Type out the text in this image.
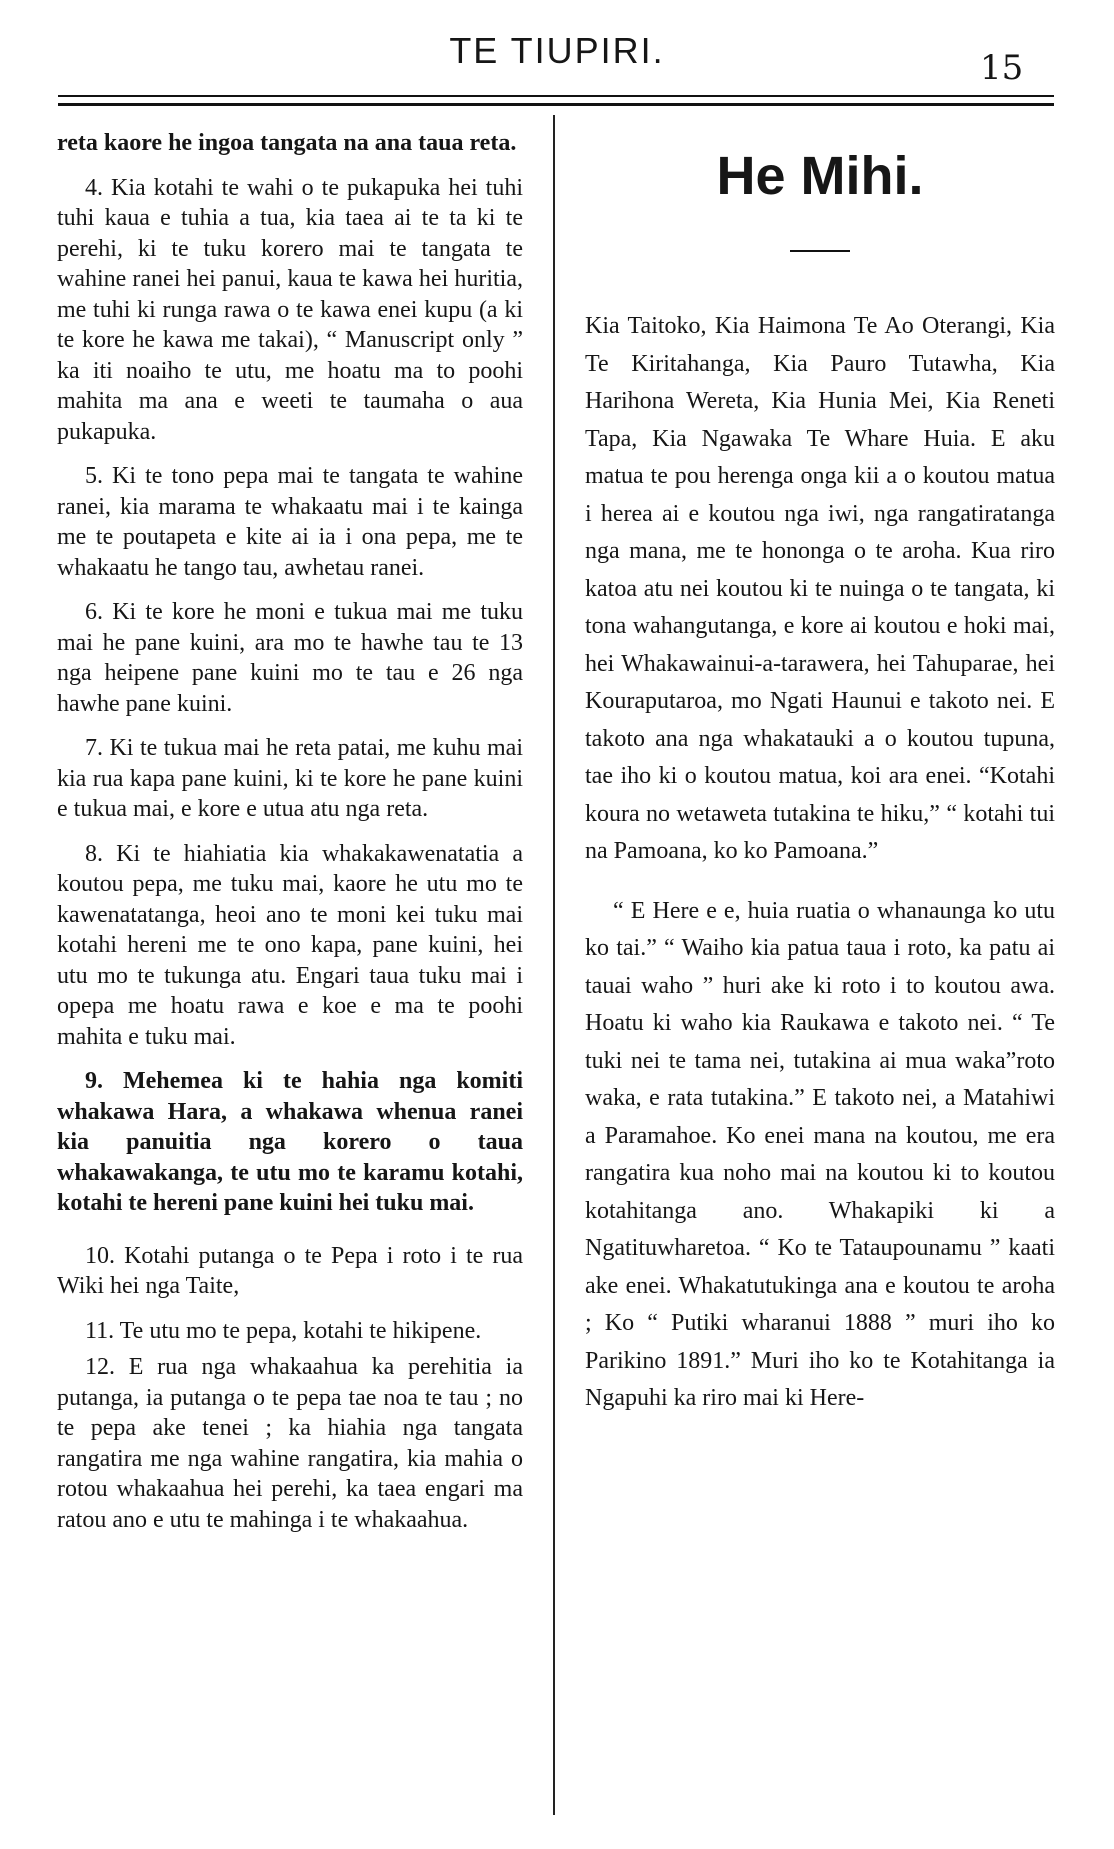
TE TIUPIRI.	15

reta kaore he ingoa tangata na ana taua reta.

4. Kia kotahi te wahi o te pukapuka hei tuhi tuhi kaua e tuhia a tua, kia taea ai te ta ki te perehi, ki te tuku korero mai te tangata te wahine ranei hei panui, kaua te kawa hei huritia, me tuhi ki runga rawa o te kawa enei kupu (a ki te kore he kawa me takai), “ Manuscript only ” ka iti noaiho te utu, me hoatu ma to poohi mahita ma ana e weeti te taumaha o aua pukapuka.

5. Ki te tono pepa mai te tangata te wahine ranei, kia marama te whakaatu mai i te kainga me te poutapeta e kite ai ia i ona pepa, me te whakaatu he tango tau, awhetau ranei.

6. Ki te kore he moni e tukua mai me tuku mai he pane kuini, ara mo te hawhe tau te 13 nga heipene pane kuini mo te tau e 26 nga hawhe pane kuini.

7. Ki te tukua mai he reta patai, me kuhu mai kia rua kapa pane kuini, ki te kore he pane kuini e tukua mai, e kore e utua atu nga reta.

8. Ki te hiahiatia kia whakakawenatatia a koutou pepa, me tuku mai, kaore he utu mo te kawenatatanga, heoi ano te moni kei tuku mai kotahi hereni me te ono kapa, pane kuini, hei utu mo te tukunga atu. Engari taua tuku mai i opepa me hoatu rawa e koe e ma te poohi mahita e tuku mai.

9. Mehemea ki te hahia nga komiti whakawa Hara, a whakawa whenua ranei kia panuitia nga korero o taua whakawakanga, te utu mo te karamu kotahi, kotahi te hereni pane kuini hei tuku mai.

10. Kotahi putanga o te Pepa i roto i te rua Wiki hei nga Taite,

11. Te utu mo te pepa, kotahi te hikipene.

12. E rua nga whakaahua ka perehitia ia putanga, ia putanga o te pepa tae noa te tau ; no te pepa ake tenei ; ka hiahia nga tangata rangatira me nga wahine rangatira, kia mahia o rotou whakaahua hei perehi, ka taea engari ma ratou ano e utu te mahinga i te whakaahua.

He Mihi.

Kia Taitoko, Kia Haimona Te Ao Oterangi, Kia Te Kiritahanga, Kia Pauro Tutawha, Kia Harihona Wereta, Kia Hunia Mei, Kia Reneti Tapa, Kia Ngawaka Te Whare Huia. E aku matua te pou herenga onga kii a o koutou matua i herea ai e koutou nga iwi, nga rangatiratanga nga mana, me te hononga o te aroha. Kua riro katoa atu nei koutou ki te nuinga o te tangata, ki tona wahangutanga, e kore ai koutou e hoki mai, hei Whakawainui-a-tarawera, hei Tahuparae, hei Kouraputaroa, mo Ngati Haunui e takoto nei. E takoto ana nga whakatauki a o koutou tupuna, tae iho ki o koutou matua, koi ara enei. “Kotahi koura no wetaweta tutakina te hiku,” “ kotahi tui na Pamoana, ko ko Pamoana.”

“ E Here e e, huia ruatia o whanaunga ko utu ko tai.” “ Waiho kia patua taua i roto, ka patu ai tauai waho ” huri ake ki roto i to koutou awa. Hoatu ki waho kia Raukawa e takoto nei. “ Te tuki nei te tama nei, tutakina ai mua waka”roto waka, e rata tutakina.” E takoto nei, a Matahiwi a Paramahoe. Ko enei mana na koutou, me era rangatira kua noho mai na koutou ki to koutou kotahitanga ano. Whakapiki ki a Ngatituwharetoa. “ Ko te Tataupounamu ” kaati ake enei. Whakatutukinga ana e koutou te aroha ; Ko “ Putiki wharanui 1888 ” muri iho ko Parikino 1891.” Muri iho ko te Kotahitanga ia Ngapuhi ka riro mai ki Here-
